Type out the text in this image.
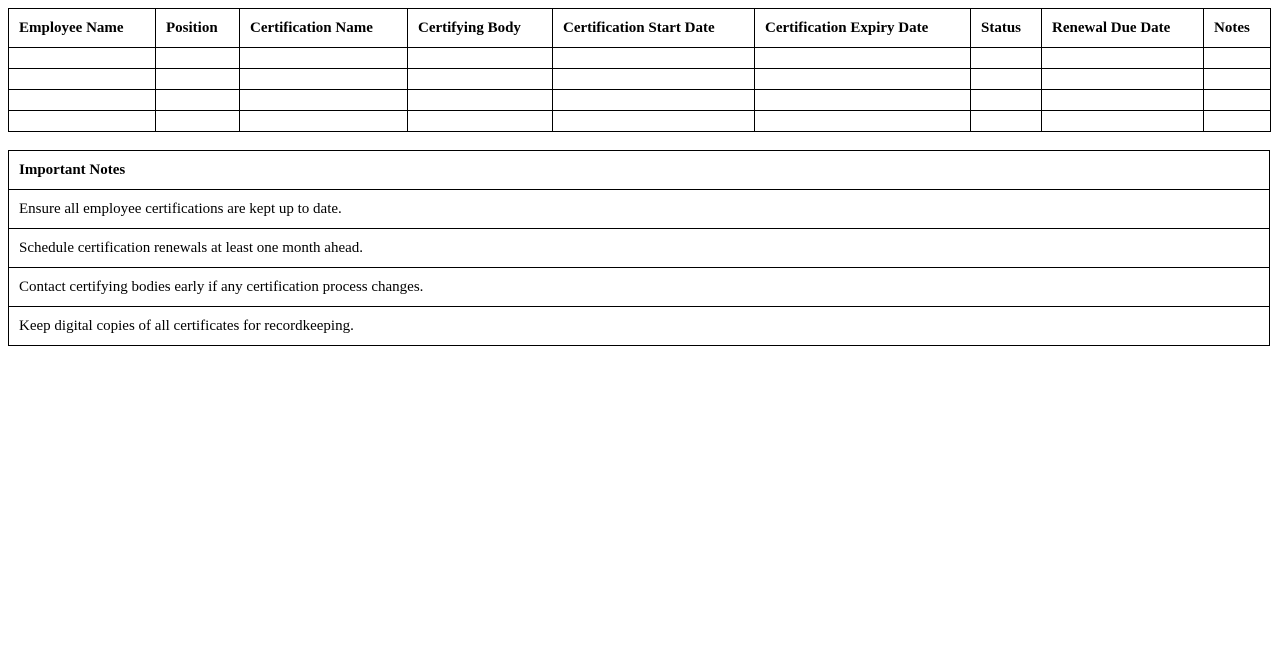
Employee Name	Position	Certification Name	Certifying Body	Certification Start Date	Certification Expiry Date	Status	Renewal Due Date	Notes

Important Notes
Ensure all employee certifications are kept up to date.
Schedule certification renewals at least one month ahead.
Contact certifying bodies early if any certification process changes.
Keep digital copies of all certificates for recordkeeping.
